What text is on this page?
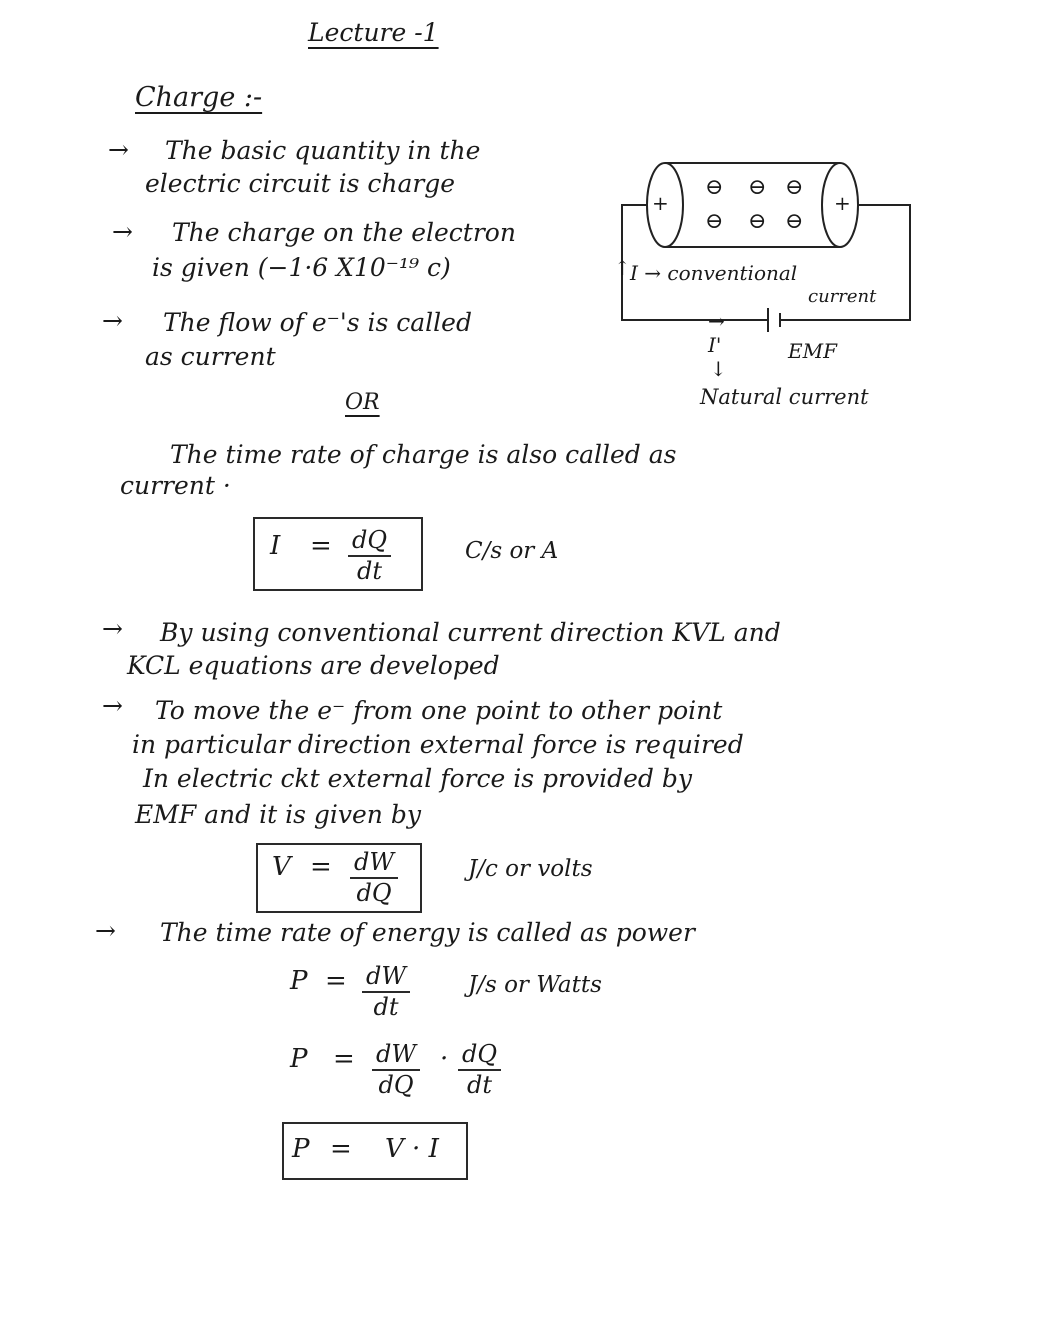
Lecture -1
Charge :-
→ The basic quantity in the
electric circuit is charge
→ The charge on the electron
is given (−1·6 X10⁻¹⁹ c)
→ The flow of e⁻'s is called
as current
OR
The time rate of charge is also called as
current ·
$I = \frac{dQ}{dt}$	C/s or A
→ By using conventional current direction KVL and
KCL equations are developed
→ To move the e⁻ from one point to other point
in particular direction external force is required
In electric ckt external force is provided by
EMF and it is given by
$V = \frac{dW}{dQ}$	J/c or volts
→ The time rate of energy is called as power
$P = \frac{dW}{dt}$	J/s or Watts
$P = \frac{dW}{dQ} \cdot \frac{dQ}{dt}$
P = V · I
+	+
⊖ ⊖ ⊖
⊖ ⊖ ⊖
↑ I → conventional
current
→
I'
↓
Natural current
EMF
